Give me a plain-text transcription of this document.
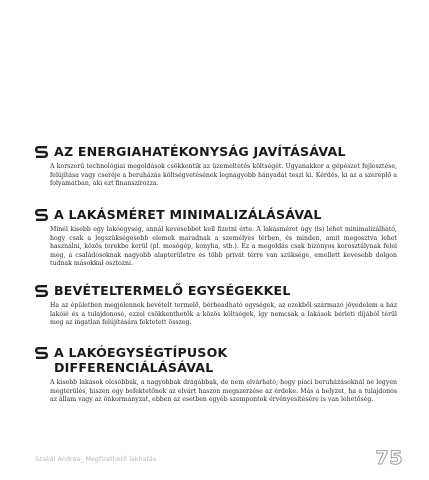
AZ ENERGIAHATÉKONYSÁG JAVÍTÁSÁVAL

A korszerű technológiai megoldások csökkentik az üzemeltetés költségét. Ugyanakkor a gépészet fejlesztése, felújítása vagy cseréje a beruházás költségvetésének legnagyobb hányadát teszi ki. Kérdés, ki az a szereplő a folyamatban, aki ezt finanszírozza.

A LAKÁSMÉRET MINIMALIZÁLÁSÁVAL

Minél kisebb egy lakóegység, annál kevesebbet kell fizetni érte. A lakásméret úgy (is) lehet minimalizálható, hogy csak a legszükségesebb elemek maradnak a személyes térben, és minden, amit megosztva lehet használni, közös terekbe kerül (pl. mosógép, konyha, stb.). Ez a megoldás csak bizonyos korosztálynak felel meg, a családosoknak nagyobb alapterületre és több privát térre van szüksége, emellett kevesebb dolgon tudnak másokkal osztozni.

BEVÉTELTERMELŐ EGYSÉGEKKEL

Ha az épületben megjelennek bevételt termelő, bérbeadható egységek, az ezekből származó jövedelem a ház lakóié és a tulajdonosé, ezzel csökkenthetők a közös költségek, így nemcsak a lakások bérleti díjából térül meg az ingatlan felújítására fektetett összeg.

A LAKÓEGYSÉGTÍPUSOK
DIFFERENCIÁLÁSÁVAL

A kisebb lakások olcsóbbak, a nagyobbak drágábbak, de nem elvárható, hogy piaci beruházásoknál ne legyen megtérülés, hiszen egy befektetőnek az elvárt haszon megszerzése az érdeke. Más a helyzet, ha a tulajdonos az állam vagy az önkormányzat, ebben az esetben egyéb szempontok érvényesítésére is van lehetőség.

Szakál Andrea_ Megfizethető lakhatás	75
